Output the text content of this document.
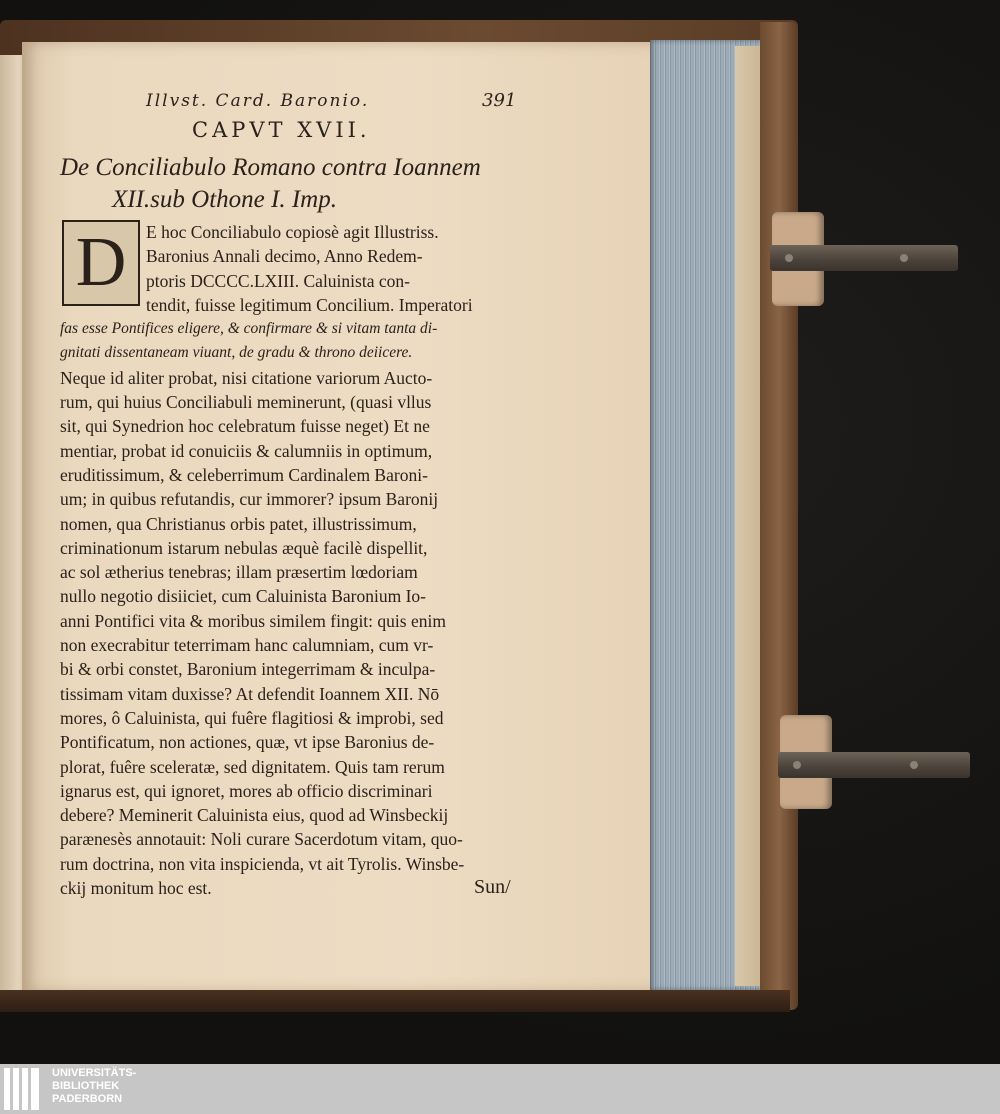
Illvst. Card. Baronio.	391
CAPVT XVII.
De Conciliabulo Romano contra Ioannem
XII.sub Othone I. Imp.
D	E hoc Conciliabulo copiosè agit Illustriss.
Baronius Annali decimo, Anno Redem-
ptoris DCCCC.LXIII. Caluinista con-
tendit, fuisse legitimum Concilium. Imperatori
fas esse Pontifices eligere, & confirmare & si vitam tanta di-
gnitati dissentaneam viuant, de gradu & throno deiicere.
Neque id aliter probat, nisi citatione variorum Aucto-
rum, qui huius Conciliabuli meminerunt, (quasi vllus
sit, qui Synedrion hoc celebratum fuisse neget) Et ne
mentiar, probat id conuiciis & calumniis in optimum,
eruditissimum, & celeberrimum Cardinalem Baroni-
um; in quibus refutandis, cur immorer? ipsum Baronij
nomen, qua Christianus orbis patet, illustrissimum,
criminationum istarum nebulas æquè facilè dispellit,
ac sol ætherius tenebras; illam præsertim lœdoriam
nullo negotio disiiciet, cum Caluinista Baronium Io-
anni Pontifici vita & moribus similem fingit: quis enim
non execrabitur teterrimam hanc calumniam, cum vr-
bi & orbi constet, Baronium integerrimam & inculpa-
tissimam vitam duxisse? At defendit Ioannem XII. Nō
mores, ô Caluinista, qui fuêre flagitiosi & improbi, sed
Pontificatum, non actiones, quæ, vt ipse Baronius de-
plorat, fuêre sceleratæ, sed dignitatem. Quis tam rerum
ignarus est, qui ignoret, mores ab officio discriminari
debere? Meminerit Caluinista eius, quod ad Winsbeckij
parænesès annotauit: Noli curare Sacerdotum vitam, quo-
rum doctrina, non vita inspicienda, vt ait Tyrolis. Winsbe-
ckij monitum hoc est.	Sun/
UNIVERSITÄTS-
BIBLIOTHEK
PADERBORN
